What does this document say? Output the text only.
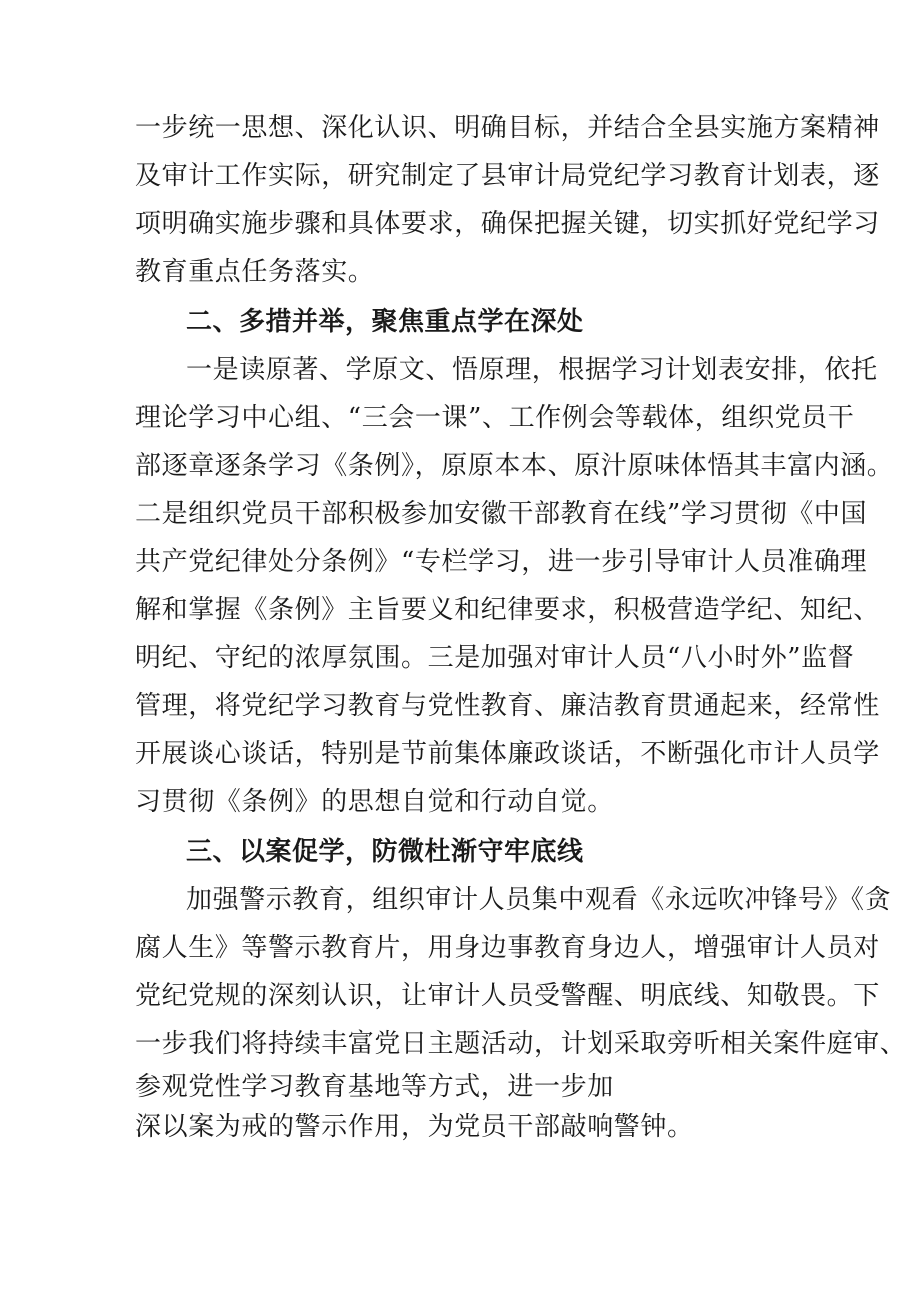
一步统一思想、深化认识、明确目标，并结合全县实施方案精神
及审计工作实际，研究制定了县审计局党纪学习教育计划表，逐
项明确实施步骤和具体要求，确保把握关键，切实抓好党纪学习
教育重点任务落实。
二、多措并举，聚焦重点学在深处
一是读原著、学原文、悟原理，根据学习计划表安排，依托
理论学习中心组、“三会一课”、工作例会等载体，组织党员干
部逐章逐条学习《条例》，原原本本、原汁原味体悟其丰富内涵。
二是组织党员干部积极参加安徽干部教育在线”学习贯彻《中国
共产党纪律处分条例》“专栏学习，进一步引导审计人员准确理
解和掌握《条例》主旨要义和纪律要求，积极营造学纪、知纪、
明纪、守纪的浓厚氛围。三是加强对审计人员“八小时外”监督
管理，将党纪学习教育与党性教育、廉洁教育贯通起来，经常性
开展谈心谈话，特别是节前集体廉政谈话，不断强化市计人员学
习贯彻《条例》的思想自觉和行动自觉。
三、以案促学，防微杜渐守牢底线
加强警示教育，组织审计人员集中观看《永远吹冲锋号》《贪
腐人生》等警示教育片，用身边事教育身边人，增强审计人员对
党纪党规的深刻认识，让审计人员受警醒、明底线、知敬畏。下
一步我们将持续丰富党日主题活动，计划采取旁听相关案件庭审、
参观党性学习教育基地等方式，进一步加
深以案为戒的警示作用，为党员干部敲响警钟。
